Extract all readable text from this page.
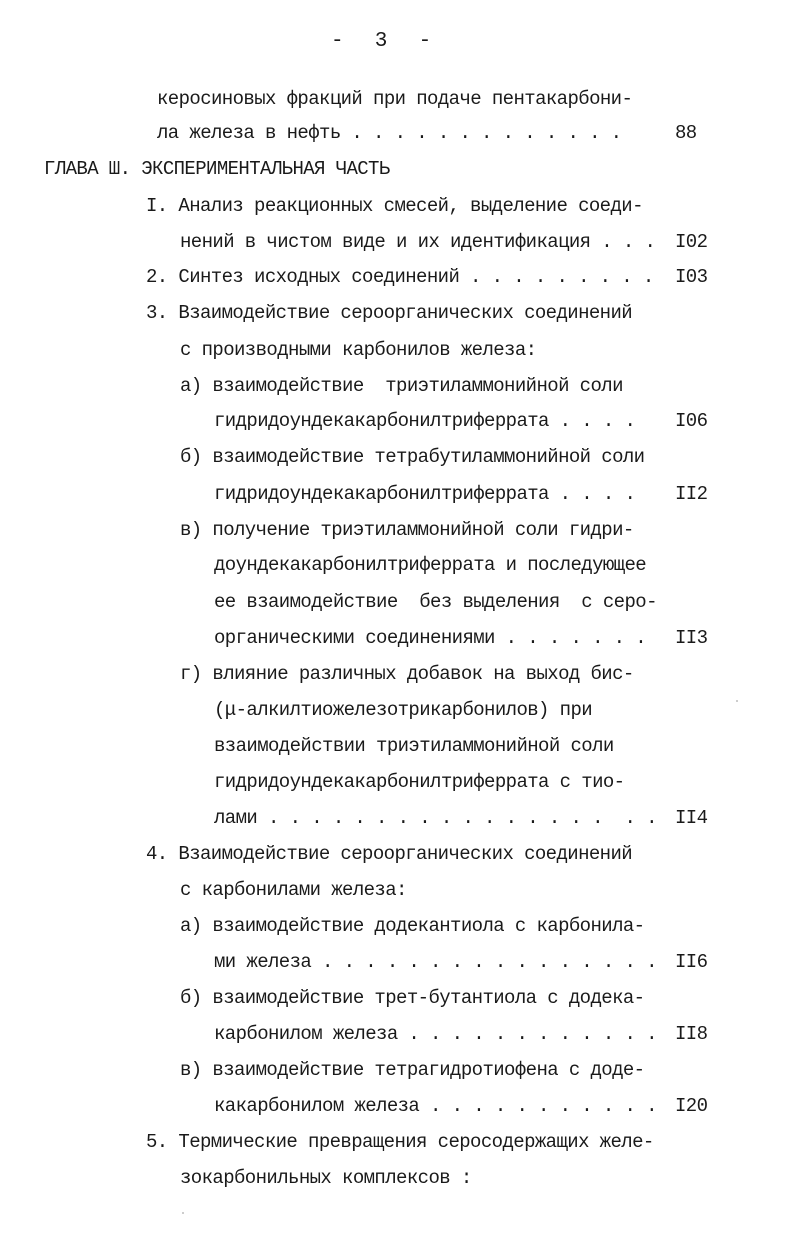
-  3  -
керосиновых фракций при подаче пентакарбони-
ла железа в нефть . . . . . . . . . . . . .	88
ГЛАВА Ш. ЭКСПЕРИМЕНТАЛЬНАЯ ЧАСТЬ
I. Анализ реакционных смесей, выделение соеди-
нений в чистом виде и их идентификация . . . I02
2. Синтез исходных соединений . . . . . . . . . I03
3. Взаимодействие сероорганических соединений
с производными карбонилов железа:
а) взаимодействие  триэтиламмонийной соли
гидридоундекакарбонилтриферрата . . . . I06
б) взаимодействие тетрабутиламмонийной соли
гидридоундекакарбонилтриферрата . . . . II2
в) получение триэтиламмонийной соли гидри-
доундекакарбонилтриферрата и последующее
ее взаимодействие  без выделения  с серо-
органическими соединениями . . . . . . . II3
г) влияние различных добавок на выход бис-
(μ-алкилтиожелезотрикарбонилов) при
взаимодействии триэтиламмонийной соли
гидридоундекакарбонилтриферрата с тио-
лами . . . . . . . . . . . . . . . .  . . II4
4. Взаимодействие сероорганических соединений
с карбонилами железа:
а) взаимодействие додекантиола с карбонила-
ми железа . . . . . . . . . . . . . . . . II6
б) взаимодействие трет-бутантиола с додека-
карбонилом железа . . . . . . . . . . . . II8
в) взаимодействие тетрагидротиофена с доде-
какарбонилом железа . . . . . . . . . . . I20
5. Термические превращения серосодержащих желе-
зокарбонильных комплексов :
